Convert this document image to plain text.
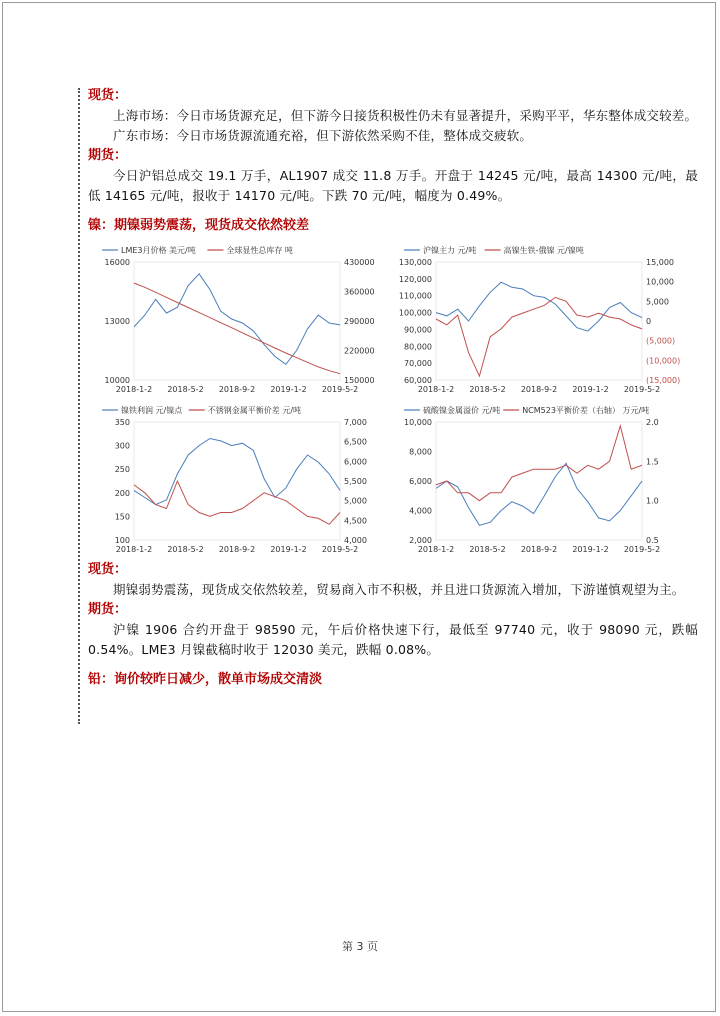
现货：

上海市场：今日市场货源充足，但下游今日接货积极性仍未有显著提升，采购平平，华东整体成交较差。

广东市场：今日市场货源流通充裕，但下游依然采购不佳，整体成交疲软。

期货：

今日沪铝总成交 19.1 万手，AL1907 成交 11.8 万手。开盘于 14245 元/吨，最高 14300 元/吨，最低 14165 元/吨，报收于 14170 元/吨。下跌 70 元/吨，幅度为 0.49%。

镍：期镍弱势震荡，现货成交依然较差

LME3月价格 美元/吨	全球显性总库存 吨
10000
13000
16000
150000
220000
290000
360000
430000
2018-1-2 2018-5-2 2018-9-2 2019-1-2 2019-5-2
沪镍主力 元/吨	高镍生铁-俄镍 元/镍吨
60,000
70,000
80,000
90,000
100,000
110,000
120,000
130,000
(15,000)
(10,000)
(5,000)
0
5,000
10,000
15,000
2018-1-2 2018-5-2 2018-9-2 2019-1-2 2019-5-2
镍铁利润 元/镍点	不锈钢金属平衡价差 元/吨
100
150
200
250
300
350
4,000
4,500
5,000
5,500
6,000
6,500
7,000
2018-1-2 2018-5-2 2018-9-2 2019-1-2 2019-5-2
硫酸镍金属溢价 元/吨	NCM523平衡价差（右轴） 万元/吨
2,000
4,000
6,000
8,000
10,000
0.5
1.0
1.5
2.0
2018-1-2 2018-5-2 2018-9-2 2019-1-2 2019-5-2

现货：

期镍弱势震荡，现货成交依然较差，贸易商入市不积极，并且进口货源流入增加，下游谨慎观望为主。

期货：

沪镍 1906 合约开盘于 98590 元，午后价格快速下行，最低至 97740 元，收于 98090 元，跌幅 0.54%。LME3 月镍截稿时收于 12030 美元，跌幅 0.08%。

铅：询价较昨日减少，散单市场成交清淡

第 3 页
